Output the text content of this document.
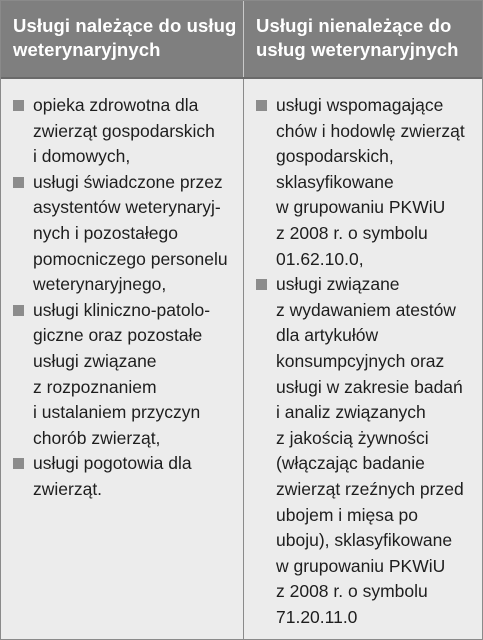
Usługi należące do usług
weterynaryjnych
Usługi nienależące do
usług weterynaryjnych
opieka zdrowotna dla
zwierząt gospodarskich
i domowych,
usługi świadczone przez
asystentów weterynaryj-
nych i pozostałego
pomocniczego personelu
weterynaryjnego,
usługi kliniczno-patolo-
giczne oraz pozostałe
usługi związane
z rozpoznaniem
i ustalaniem przyczyn
chorób zwierząt,
usługi pogotowia dla
zwierząt.
usługi wspomagające
chów i hodowlę zwierząt
gospodarskich,
sklasyfikowane
w grupowaniu PKWiU
z 2008 r. o symbolu
01.62.10.0,
usługi związane
z wydawaniem atestów
dla artykułów
konsumpcyjnych oraz
usługi w zakresie badań
i analiz związanych
z jakością żywności
(włączając badanie
zwierząt rzeźnych przed
ubojem i mięsa po
uboju), sklasyfikowane
w grupowaniu PKWiU
z 2008 r. o symbolu
71.20.11.0
